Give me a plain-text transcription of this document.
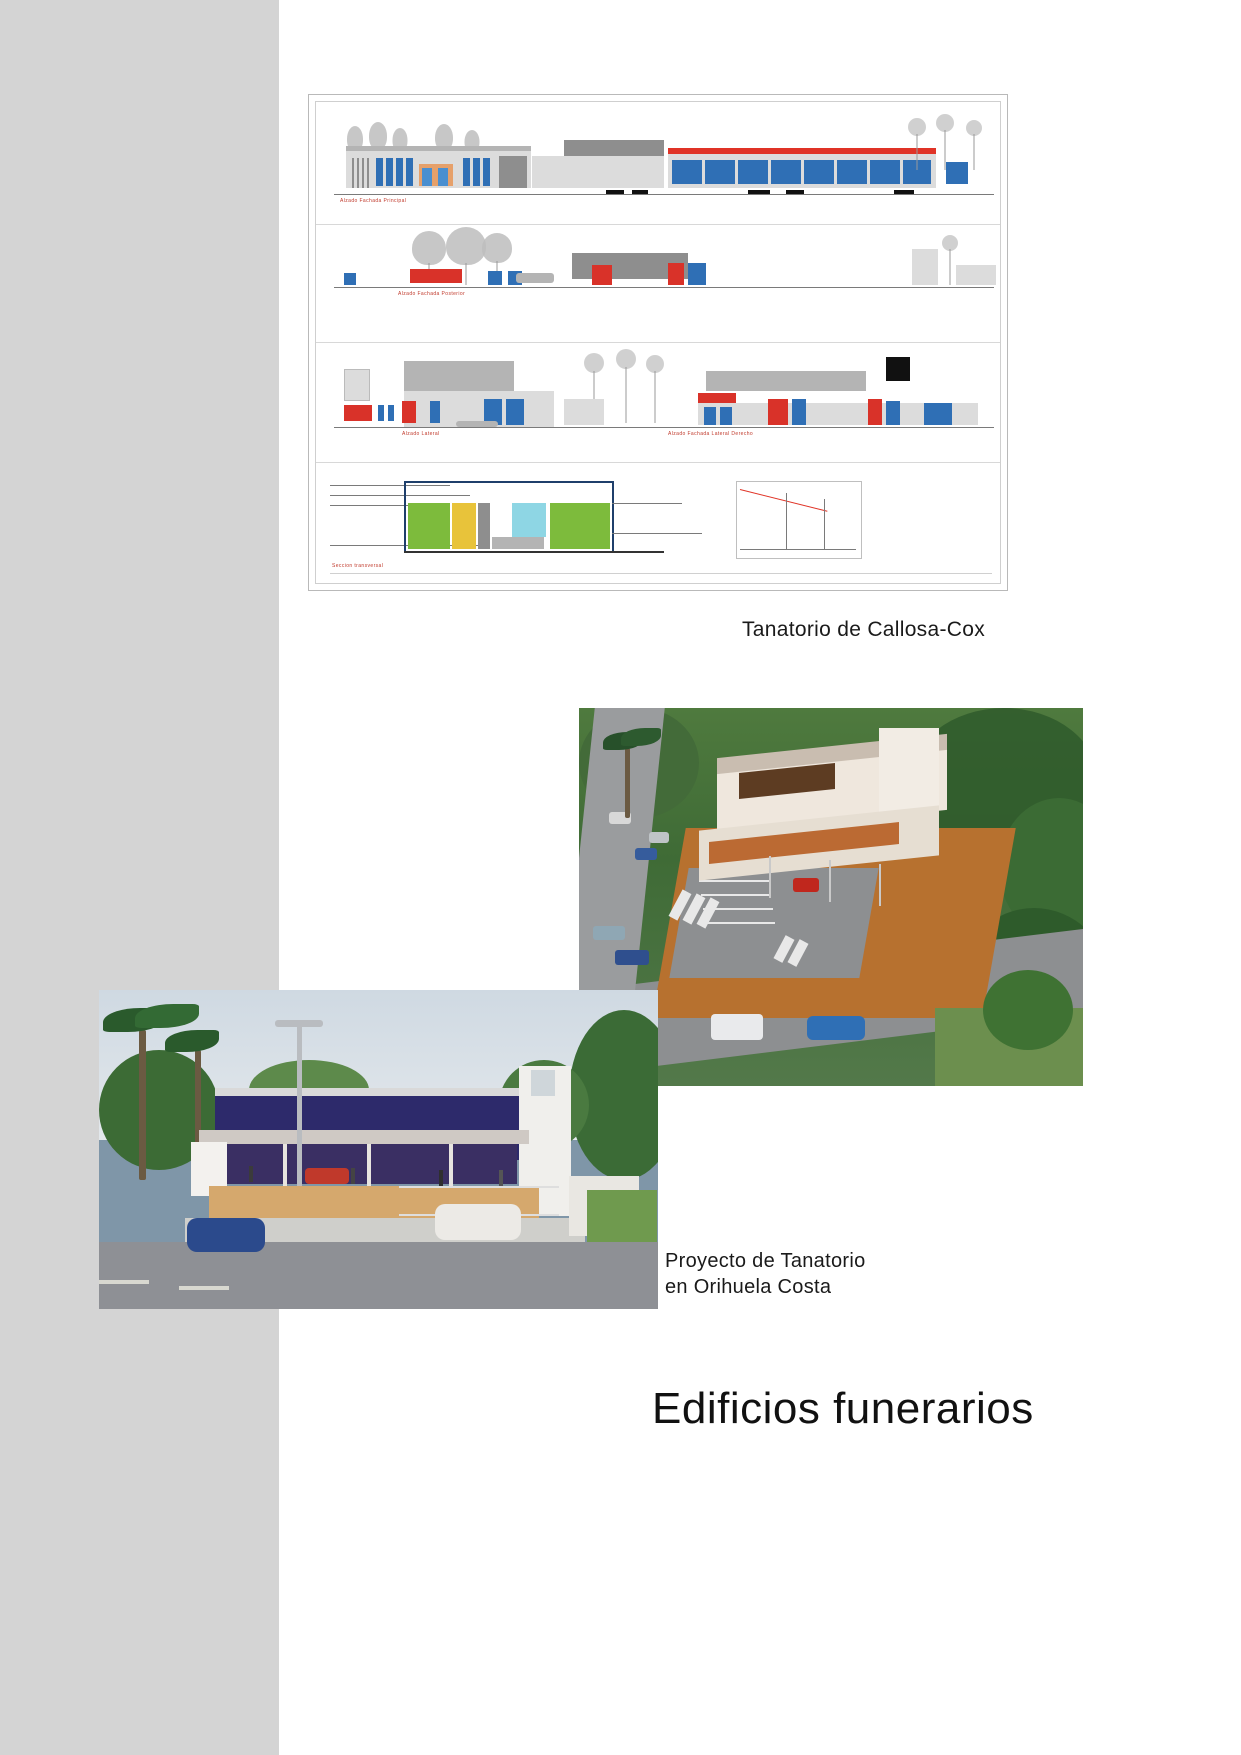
Alzado Fachada Principal
Alzado Fachada Posterior
Alzado Lateral	Alzado Fachada Lateral Derecho
Seccion transversal
Tanatorio de Callosa-Cox
Proyecto de Tanatorio
en Orihuela Costa
Edificios funerarios
